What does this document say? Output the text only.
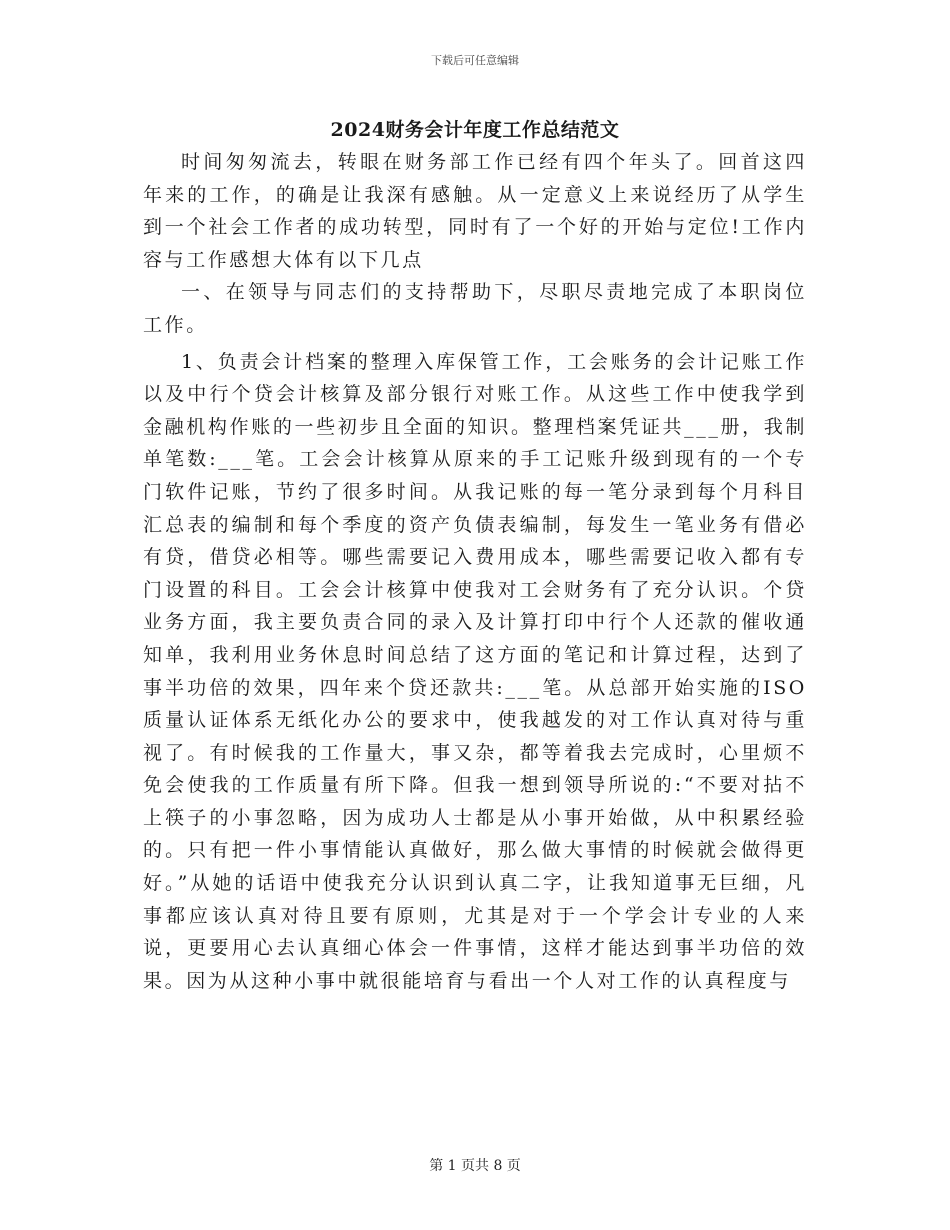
下载后可任意编辑
2024财务会计年度工作总结范文

时间匆匆流去，转眼在财务部工作已经有四个年头了。回首这四年来的工作，的确是让我深有感触。从一定意义上来说经历了从学生到一个社会工作者的成功转型，同时有了一个好的开始与定位!工作内容与工作感想大体有以下几点

一、在领导与同志们的支持帮助下，尽职尽责地完成了本职岗位工作。

1、负责会计档案的整理入库保管工作，工会账务的会计记账工作以及中行个贷会计核算及部分银行对账工作。从这些工作中使我学到金融机构作账的一些初步且全面的知识。整理档案凭证共___册，我制单笔数:___笔。工会会计核算从原来的手工记账升级到现有的一个专门软件记账，节约了很多时间。从我记账的每一笔分录到每个月科目汇总表的编制和每个季度的资产负债表编制，每发生一笔业务有借必有贷，借贷必相等。哪些需要记入费用成本，哪些需要记收入都有专门设置的科目。工会会计核算中使我对工会财务有了充分认识。个贷业务方面，我主要负责合同的录入及计算打印中行个人还款的催收通知单，我利用业务休息时间总结了这方面的笔记和计算过程，达到了事半功倍的效果，四年来个贷还款共:___笔。从总部开始实施的ISO质量认证体系无纸化办公的要求中，使我越发的对工作认真对待与重视了。有时候我的工作量大，事又杂，都等着我去完成时，心里烦不免会使我的工作质量有所下降。但我一想到领导所说的:“不要对拈不上筷子的小事忽略，因为成功人士都是从小事开始做，从中积累经验的。只有把一件小事情能认真做好，那么做大事情的时候就会做得更好。”从她的话语中使我充分认识到认真二字，让我知道事无巨细，凡事都应该认真对待且要有原则，尤其是对于一个学会计专业的人来说，更要用心去认真细心体会一件事情，这样才能达到事半功倍的效果。因为从这种小事中就很能培育与看出一个人对工作的认真程度与

第 1 页共 8 页
